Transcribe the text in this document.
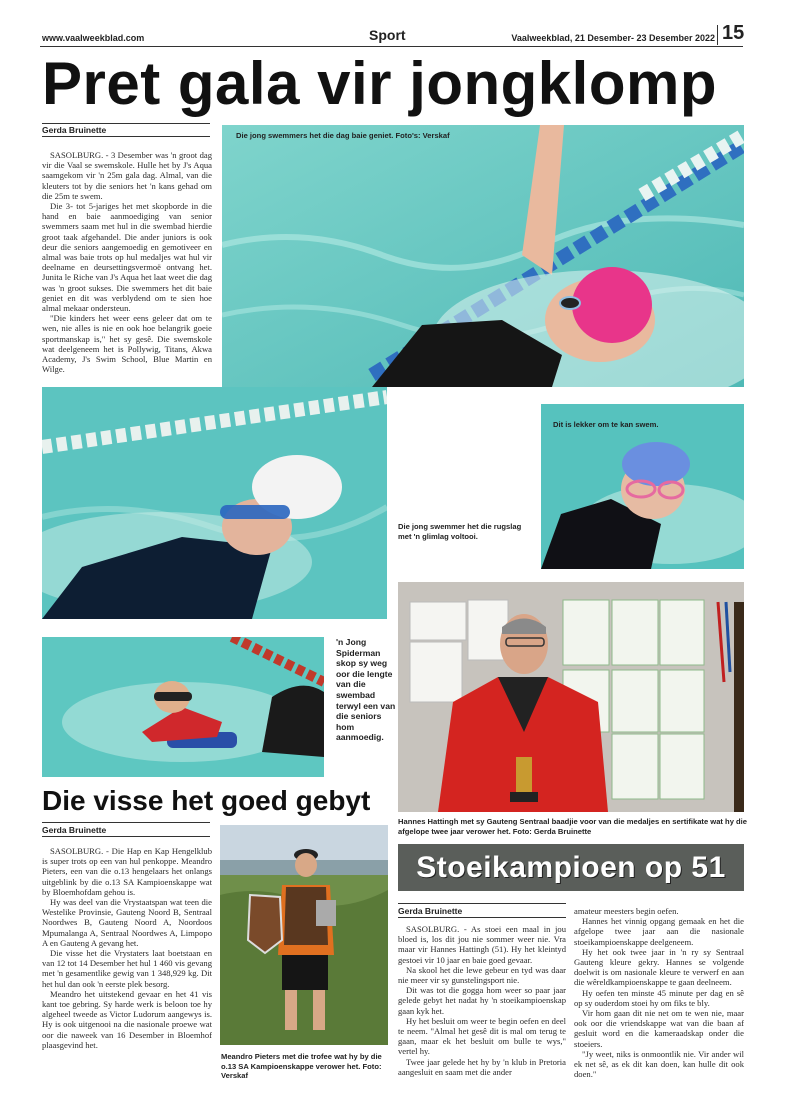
www.vaalweekblad.com	Sport	Vaalweekblad, 21 Desember- 23 Desember 2022 15
Pret gala vir jongklomp
Gerda Bruinette

SASOLBURG. - 3 Desember was 'n groot dag vir die Vaal se swemskole. Hulle het by J's Aqua saamgekom vir 'n 25m gala dag. Almal, van die kleuters tot by die seniors het 'n kans gehad om die 25m te swem.

Die 3- tot 5-jariges het met skopborde in die hand en baie aanmoediging van senior swemmers saam met hul in die swembad hierdie groot taak afgehandel. Die ander juniors is ook deur die seniors aangemoedig en gemotiveer en almal was baie trots op hul medaljes wat hul vir deelname en deursettingsvermoë ontvang het. Junita le Riche van J's Aqua het laat weet die dag was 'n groot sukses. Die swemmers het dit baie geniet en dit was verblydend om te sien hoe almal mekaar ondersteun.

"Die kinders het weer eens geleer dat om te wen, nie alles is nie en ook hoe belangrik goeie sportmanskap is," het sy gesê. Die swemskole wat deelgeneem het is Pollywig, Titans, Akwa Academy, J's Swim School, Blue Martin en Wilge.

Die jong swemmers het die dag baie geniet. Foto's: Verskaf
Dit is lekker om te kan swem.
Die jong swemmer het die rugslag met 'n glimlag voltooi.
'n Jong Spiderman skop sy weg oor die lengte van die swembad terwyl een van die seniors hom aanmoedig.
Die visse het goed gebyt
Gerda Bruinette

SASOLBURG. - Die Hap en Kap Hengelklub is super trots op een van hul penkoppe. Meandro Pieters, een van die o.13 hengelaars het onlangs uitgeblink by die o.13 SA Kampioenskappe wat by Bloemhofdam gehou is.

Hy was deel van die Vrystaatspan wat teen die Westelike Provinsie, Gauteng Noord B, Sentraal Noordwes B, Gauteng Noord A, Noordoos Mpumalanga A, Sentraal Noordwes A, Limpopo A en Gauteng A gevang het.

Die visse het die Vrystaters laat boetstaan en van 12 tot 14 Desember het hul 1 460 vis gevang met 'n gesamentlike gewig van 1 348,929 kg. Dit het hul dan ook 'n eerste plek besorg.

Meandro het uitstekend gevaar en het 41 vis kant toe gebring. Sy harde werk is beloon toe hy algeheel tweede as Victor Ludorum aangewys is. Hy is ook uitgenooi na die nasionale proewe wat oor die naweek van 16 Desember in Bloemhof plaasgevind het.

Meandro Pieters met die trofee wat hy by die o.13 SA Kampioenskappe verower het. Foto: Verskaf
Hannes Hattingh met sy Gauteng Sentraal baadjie voor van die medaljes en sertifikate wat hy die afgelope twee jaar verower het. Foto: Gerda Bruinette
Stoeikampioen op 51
Gerda Bruinette

SASOLBURG. - As stoei een maal in jou bloed is, los dit jou nie sommer weer nie. Vra maar vir Hannes Hattingh (51). Hy het kleintyd gestoei vir 10 jaar en baie goed gevaar.

Na skool het die lewe gebeur en tyd was daar nie meer vir sy gunstelingsport nie.

Dit was tot die gogga hom weer so paar jaar gelede gebyt het nadat hy 'n stoeikampioenskap gaan kyk het.

Hy het besluit om weer te begin oefen en deel te neem. "Almal het gesê dit is mal om terug te gaan, maar ek het besluit om bulle te wys," vertel hy.

Twee jaar gelede het hy by 'n klub in Pretoria aangesluit en saam met die ander

amateur meesters begin oefen.

Hannes het vinnig opgang gemaak en het die afgelope twee jaar aan die nasionale stoeikampioenskappe deelgeneem.

Hy het ook twee jaar in 'n ry sy Sentraal Gauteng kleure gekry. Hannes se volgende doelwit is om nasionale kleure te verwerf en aan die wêreldkampioenskappe te gaan deelneem.

Hy oefen ten minste 45 minute per dag en sê op sy ouderdom stoei hy om fiks te bly.

Vir hom gaan dit nie net om te wen nie, maar ook oor die vriendskappe wat van die baan af gesluit word en die kameraadskap onder die stoeiers.

"Jy weet, niks is onmoontlik nie. Vir ander wil ek net sê, as ek dit kan doen, kan hulle dit ook doen."
